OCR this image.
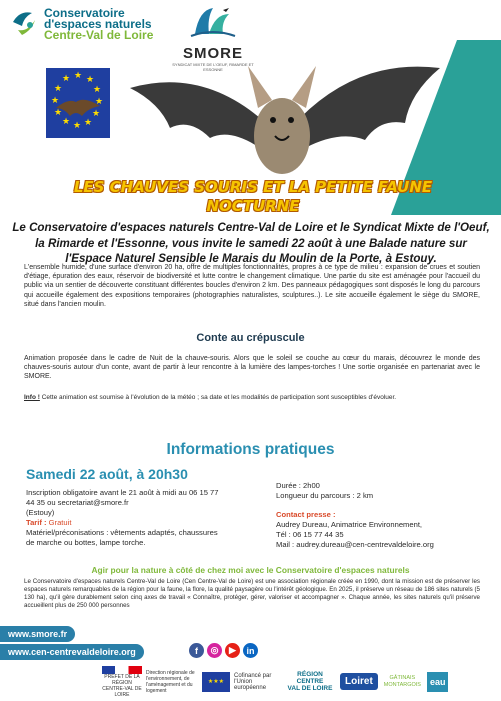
Conservatoire
d'espaces naturels
Centre-Val de Loire
SMORE
SYNDICAT MIXTE DE L'OEUF, RIMARDE ET ESSONNE
★ ★
★
★
★
★
★
★
★
★
★
★
LES CHAUVES SOURIS ET LA PETITE FAUNE NOCTURNE

Le Conservatoire d'espaces naturels Centre-Val de Loire et le Syndicat Mixte de l'Oeuf, la Rimarde et l'Essonne, vous invite le samedi 22 août à une Balade nature sur l'Espace Naturel Sensible le Marais du Moulin de la Porte, à Estouy.

L'ensemble humide, d'une surface d'environ 20 ha, offre de multiples fonctionnalités, propres à ce type de milieu : expansion de crues et soutien d'étiage, épuration des eaux, réservoir de biodiversité et lutte contre le changement climatique. Une partie du site est aménagée pour l'accueil du public via un sentier de découverte constituant différentes boucles d'environ 2 km. Des panneaux pédagogiques sont disposés le long du parcours qui accueille également des expositions temporaires (photographies naturalistes, sculptures..). Le site accueille également le siège du SMORE, situé dans l'ancien moulin.

Conte au crépuscule

Animation proposée dans le cadre de Nuit de la chauve-souris. Alors que le soleil se couche au cœur du marais, découvrez le monde des chauves-souris autour d'un conte, avant de partir à leur rencontre à la lumière des lampes-torches ! Une sortie organisée en partenariat avec le SMORE.

Info ! Cette animation est soumise à l'évolution de la météo ; sa date et les modalités de participation sont susceptibles d'évoluer.

Informations pratiques
Samedi 22 août, à 20h30
Inscription obligatoire avant le 21 août à midi au 06 15 77 44 35 ou secretariat@smore.fr
(Estouy)
Tarif : Gratuit
Matériel/préconisations : vêtements adaptés, chaussures de marche ou bottes, lampe torche.
Durée : 2h00
Longueur du parcours : 2 km
Contact presse :
Audrey Dureau, Animatrice Environnement,
Tél : 06 15 77 44 35
Mail : audrey.dureau@cen-centrevaldeloire.org
Agir pour la nature à côté de chez moi avec le Conservatoire d'espaces naturels

Le Conservatoire d'espaces naturels Centre-Val de Loire (Cen Centre-Val de Loire) est une association régionale créée en 1990, dont la mission est de préserver les espaces naturels remarquables de la région pour la faune, la flore, la qualité paysagère ou l'intérêt géologique. En 2025, il préserve un réseau de 186 sites naturels (5 130 ha), qu'il gère durablement selon cinq axes de travail « Connaître, protéger, gérer, valoriser et accompagner ». Chaque année, les sites naturels qu'il préserve accueillent plus de 250 000 personnes

www.smore.fr
www.cen-centrevaldeloire.org	f	◎	▶	in
PRÉFET DE LA RÉGION CENTRE-VAL DE LOIRE
Direction régionale de l'environnement, de l'aménagement et du logement
★★★
Cofinancé par l'Union européenne
RÉGION
CENTRE
VAL DE LOIRE
Loiret	GÂTINAIS
MONTARGOIS	eau
